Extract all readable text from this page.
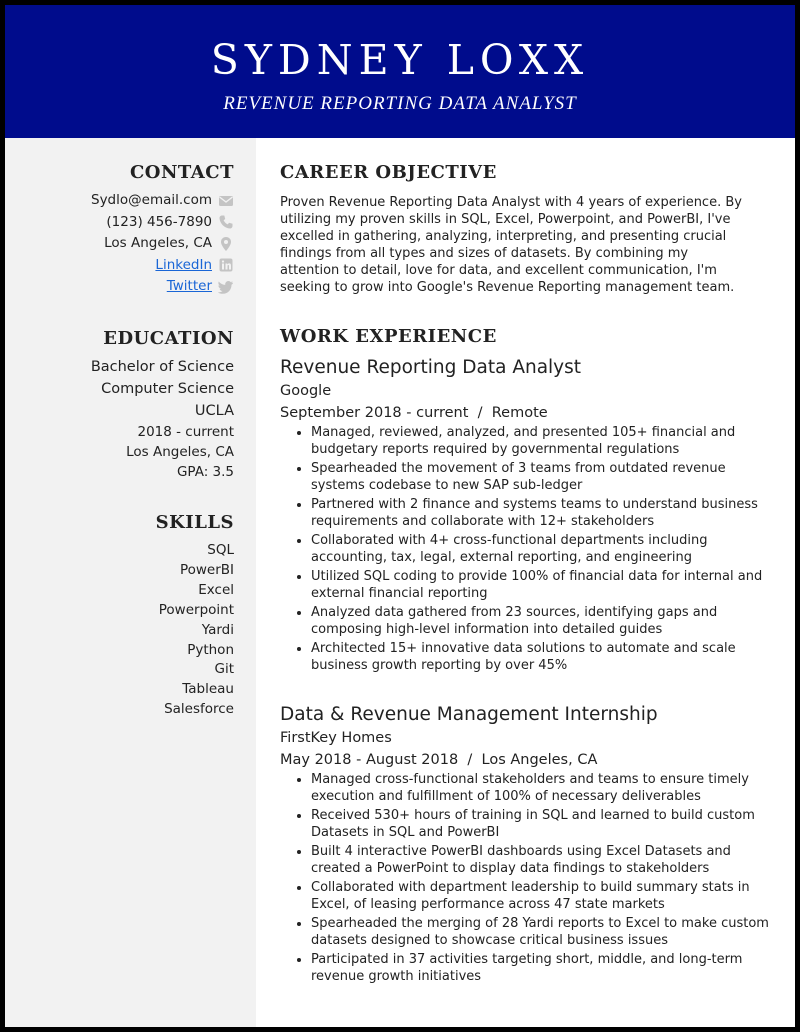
SYDNEY LOXX
REVENUE REPORTING DATA ANALYST
CONTACT
Sydlo@email.com
(123) 456-7890
Los Angeles, CA
LinkedIn
Twitter
EDUCATION
Bachelor of Science
Computer Science
UCLA
2018 - current
Los Angeles, CA
GPA: 3.5
SKILLS
SQL
PowerBI
Excel
Powerpoint
Yardi
Python
Git
Tableau
Salesforce
CAREER OBJECTIVE
Proven Revenue Reporting Data Analyst with 4 years of experience. By utilizing my proven skills in SQL, Excel, Powerpoint, and PowerBI, I've excelled in gathering, analyzing, interpreting, and presenting crucial findings from all types and sizes of datasets. By combining my attention to detail, love for data, and excellent communication, I'm seeking to grow into Google's Revenue Reporting management team.
WORK EXPERIENCE
Revenue Reporting Data Analyst
Google
September 2018 - current  /  Remote
Managed, reviewed, analyzed, and presented 105+ financial and budgetary reports required by governmental regulations
Spearheaded the movement of 3 teams from outdated revenue systems codebase to new SAP sub-ledger
Partnered with 2 finance and systems teams to understand business requirements and collaborate with 12+ stakeholders
Collaborated with 4+ cross-functional departments including accounting, tax, legal, external reporting, and engineering
Utilized SQL coding to provide 100% of financial data for internal and external financial reporting
Analyzed data gathered from 23 sources, identifying gaps and composing high-level information into detailed guides
Architected 15+ innovative data solutions to automate and scale business growth reporting by over 45%
Data & Revenue Management Internship
FirstKey Homes
May 2018 - August 2018  /  Los Angeles, CA
Managed cross-functional stakeholders and teams to ensure timely execution and fulfillment of 100% of necessary deliverables
Received 530+ hours of training in SQL and learned to build custom Datasets in SQL and PowerBI
Built 4 interactive PowerBI dashboards using Excel Datasets and created a PowerPoint to display data findings to stakeholders
Collaborated with department leadership to build summary stats in Excel, of leasing performance across 47 state markets
Spearheaded the merging of 28 Yardi reports to Excel to make custom datasets designed to showcase critical business issues
Participated in 37 activities targeting short, middle, and long-term revenue growth initiatives
